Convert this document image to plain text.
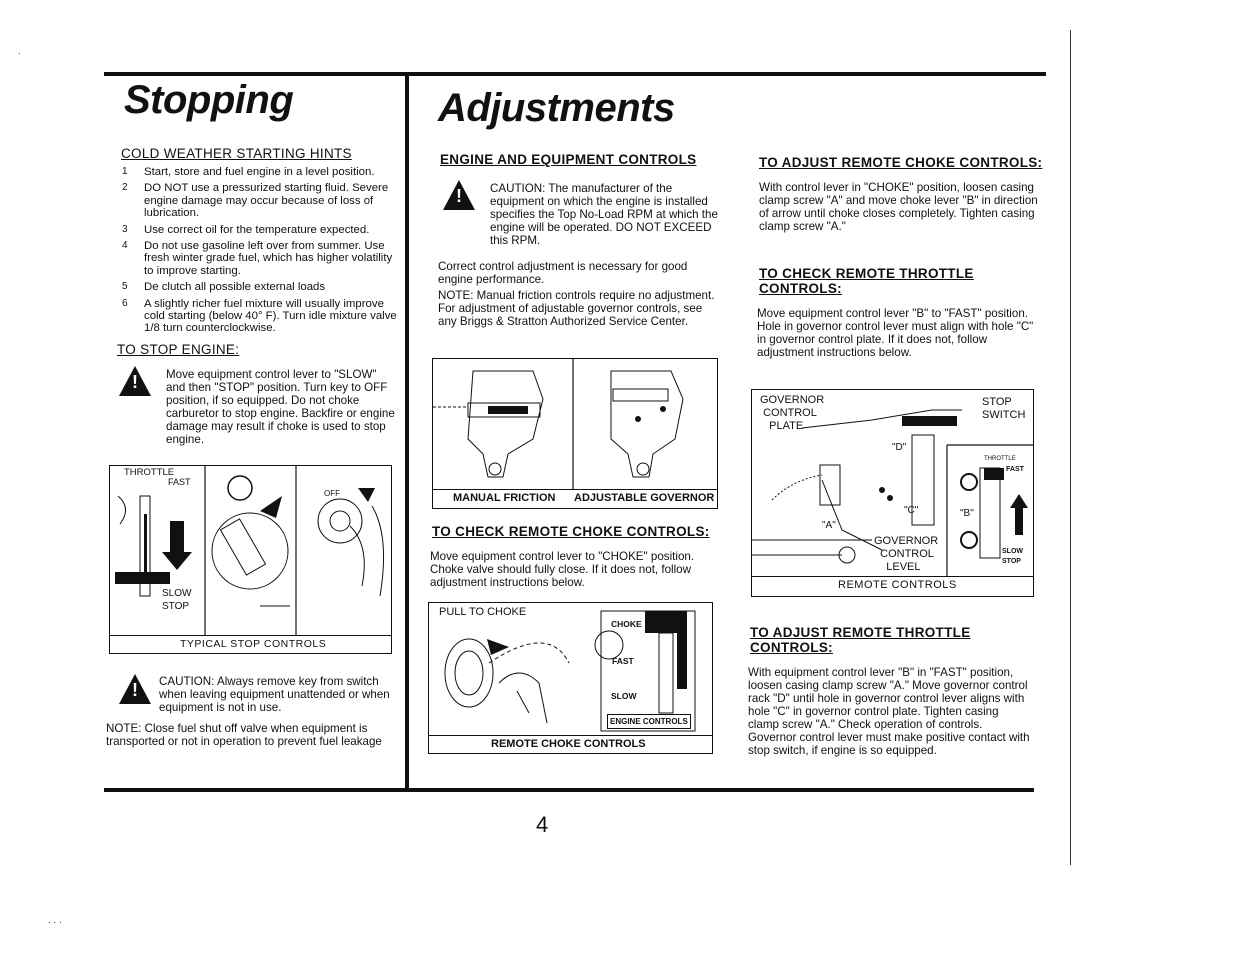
Stopping

COLD WEATHER STARTING HINTS

1 Start, store and fuel engine in a level position.
2 DO NOT use a pressurized starting fluid. Severe engine damage may occur because of loss of lubrication.
3 Use correct oil for the temperature expected.
4 Do not use gasoline left over from summer. Use fresh winter grade fuel, which has higher volatility to improve starting.
5 De clutch all possible external loads
6 A slightly richer fuel mixture will usually improve cold starting (below 40° F). Turn idle mixture valve 1/8 turn counterclockwise.

TO STOP ENGINE:

!

Move equipment control lever to "SLOW" and then "STOP" position. Turn key to OFF position, if so equipped. Do not choke carburetor to stop engine. Backfire or engine damage may result if choke is used to stop engine.

THROTTLE
FAST
SLOW
STOP
OFF
TYPICAL STOP CONTROLS
!

CAUTION: Always remove key from switch when leaving equipment unattended or when equipment is not in use.

NOTE: Close fuel shut off valve when equipment is transported or not in operation to prevent fuel leakage

Adjustments

ENGINE AND EQUIPMENT CONTROLS

!

CAUTION: The manufacturer of the equipment on which the engine is installed specifies the Top No-Load RPM at which the engine will be operated. DO NOT EXCEED this RPM.

Correct control adjustment is necessary for good engine performance.

NOTE: Manual friction controls require no adjustment. For adjustment of adjustable governor controls, see any Briggs & Stratton Authorized Service Center.

MANUAL FRICTION ADJUSTABLE GOVERNOR

TO CHECK REMOTE CHOKE CONTROLS:

Move equipment control lever to "CHOKE" position. Choke valve should fully close. If it does not, follow adjustment instructions below.

PULL TO CHOKE
CHOKE
FAST
SLOW
ENGINE CONTROLS
REMOTE CHOKE CONTROLS

TO ADJUST REMOTE CHOKE CONTROLS:

With control lever in "CHOKE" position, loosen casing clamp screw "A" and move choke lever "B" in direction of arrow until choke closes completely. Tighten casing clamp screw "A."

TO CHECK REMOTE THROTTLE CONTROLS:

Move equipment control lever "B" to "FAST" position. Hole in governor control lever must align with hole "C" in governor control plate. If it does not, follow adjustment instructions below.

GOVERNOR
CONTROL
PLATE
STOP
SWITCH
"D"
"A"
"C"	"B"
GOVERNOR
CONTROL
LEVEL
THROTTLE
FAST
SLOW
STOP
REMOTE CONTROLS

TO ADJUST REMOTE THROTTLE CONTROLS:

With equipment control lever "B" in "FAST" position, loosen casing clamp screw "A." Move governor control rack "D" until hole in governor control lever aligns with hole "C" in governor control plate. Tighten casing clamp screw "A." Check operation of controls. Governor control lever must make positive contact with stop switch, if engine is so equipped.

4
. . .
.
